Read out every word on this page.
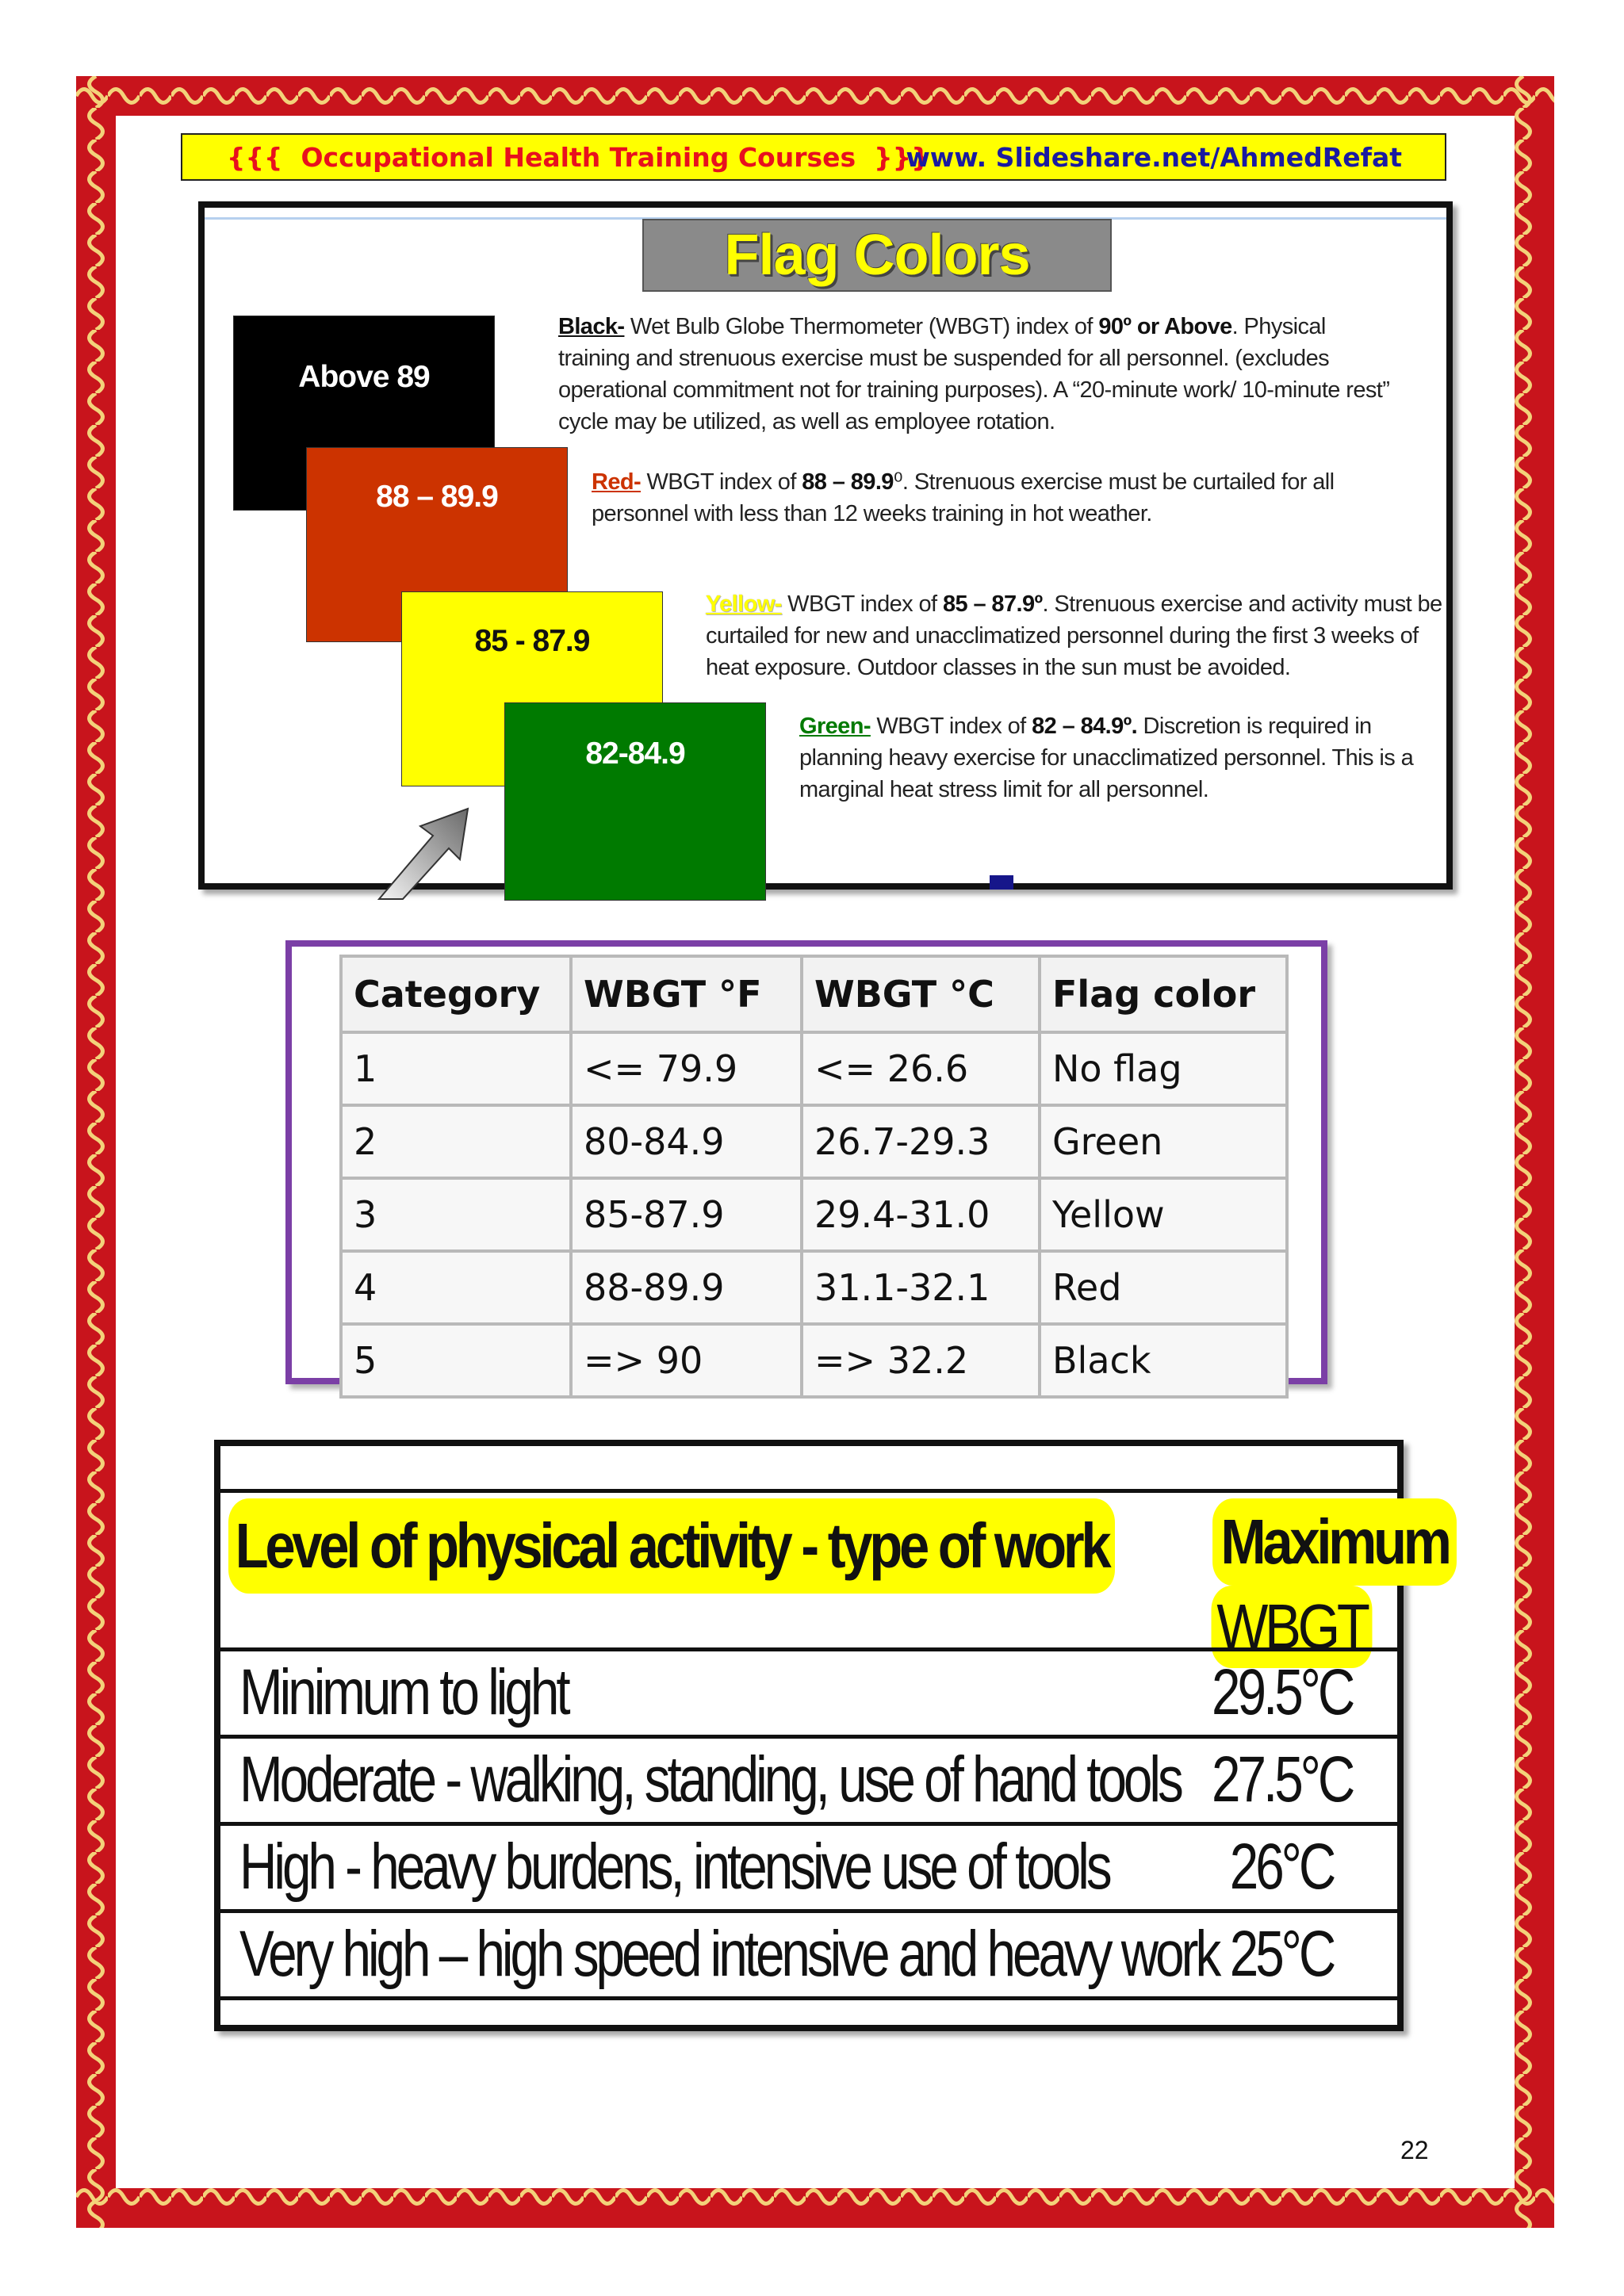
{{{  Occupational Health Training Courses  }}}
www. Slideshare.net/AhmedRefat
Flag Colors
Above 89
88 – 89.9
85 - 87.9
82-84.9
Black- Wet Bulb Globe Thermometer (WBGT) index of 90º or Above. Physical training and strenuous exercise must be suspended for all personnel. (excludes operational commitment not for training purposes). A “20-minute work/ 10-minute rest” cycle may be utilized, as well as employee rotation.
Red- WBGT index of 88 – 89.9⁰. Strenuous exercise must be curtailed for all personnel with less than 12 weeks training in hot weather.
Yellow- WBGT index of 85 – 87.9º. Strenuous exercise and activity must be curtailed for new and unacclimatized personnel during the first 3 weeks of heat exposure. Outdoor classes in the sun must be avoided.
Green- WBGT index of 82 – 84.9º. Discretion is required in planning heavy exercise for unacclimatized personnel. This is a marginal heat stress limit for all personnel.
Category	WBGT °F	WBGT °C	Flag color
1	<= 79.9	<= 26.6	No flag
2	80-84.9	26.7-29.3	Green
3	85-87.9	29.4-31.0	Yellow
4	88-89.9	31.1-32.1	Red
5	=> 90	=> 32.2	Black
Level of physical activity - type of work	Maximum
WBGT
Minimum to light	29.5°C
Moderate - walking, standing, use of hand tools 27.5°C
High - heavy burdens, intensive use of tools 26°C
Very high – high speed intensive and heavy work 25°C
22
